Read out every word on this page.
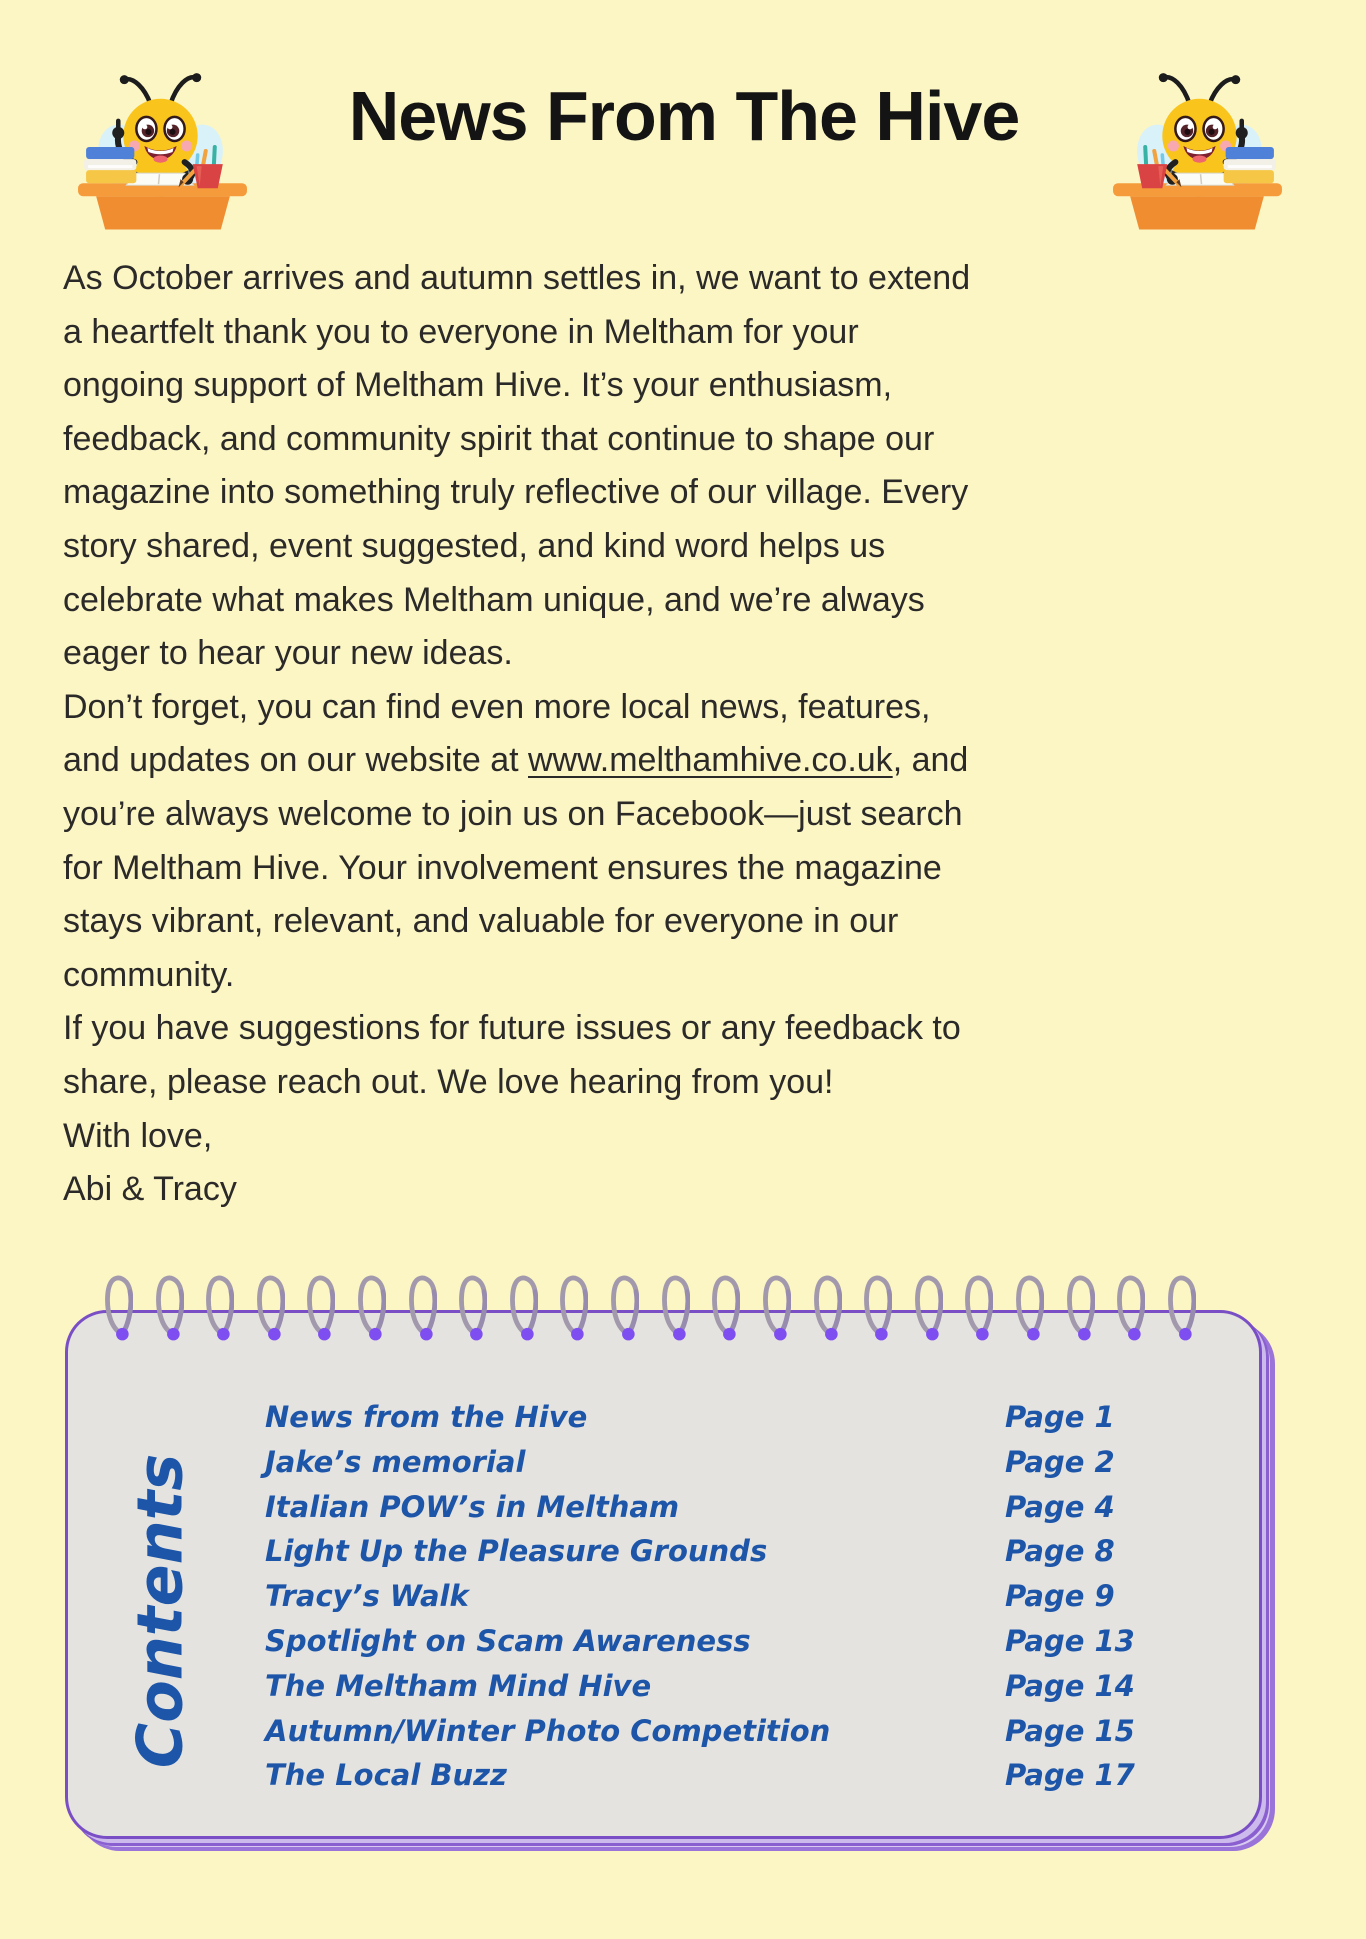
News From The Hive
As October arrives and autumn settles in, we want to extend
a heartfelt thank you to everyone in Meltham for your
ongoing support of Meltham Hive. It’s your enthusiasm,
feedback, and community spirit that continue to shape our
magazine into something truly reflective of our village. Every
story shared, event suggested, and kind word helps us
celebrate what makes Meltham unique, and we’re always
eager to hear your new ideas.
Don’t forget, you can find even more local news, features,
and updates on our website at www.melthamhive.co.uk, and
you’re always welcome to join us on Facebook—just search
for Meltham Hive. Your involvement ensures the magazine
stays vibrant, relevant, and valuable for everyone in our
community.
If you have suggestions for future issues or any feedback to
share, please reach out. We love hearing from you!
With love,
Abi & Tracy
Contents
News from the Hive	Page 1
Jake’s memorial	Page 2
Italian POW’s in Meltham	Page 4
Light Up the Pleasure Grounds	Page 8
Tracy’s Walk	Page 9
Spotlight on Scam Awareness	Page 13
The Meltham Mind Hive	Page 14
Autumn/Winter Photo Competition	Page 15
The Local Buzz	Page 17
